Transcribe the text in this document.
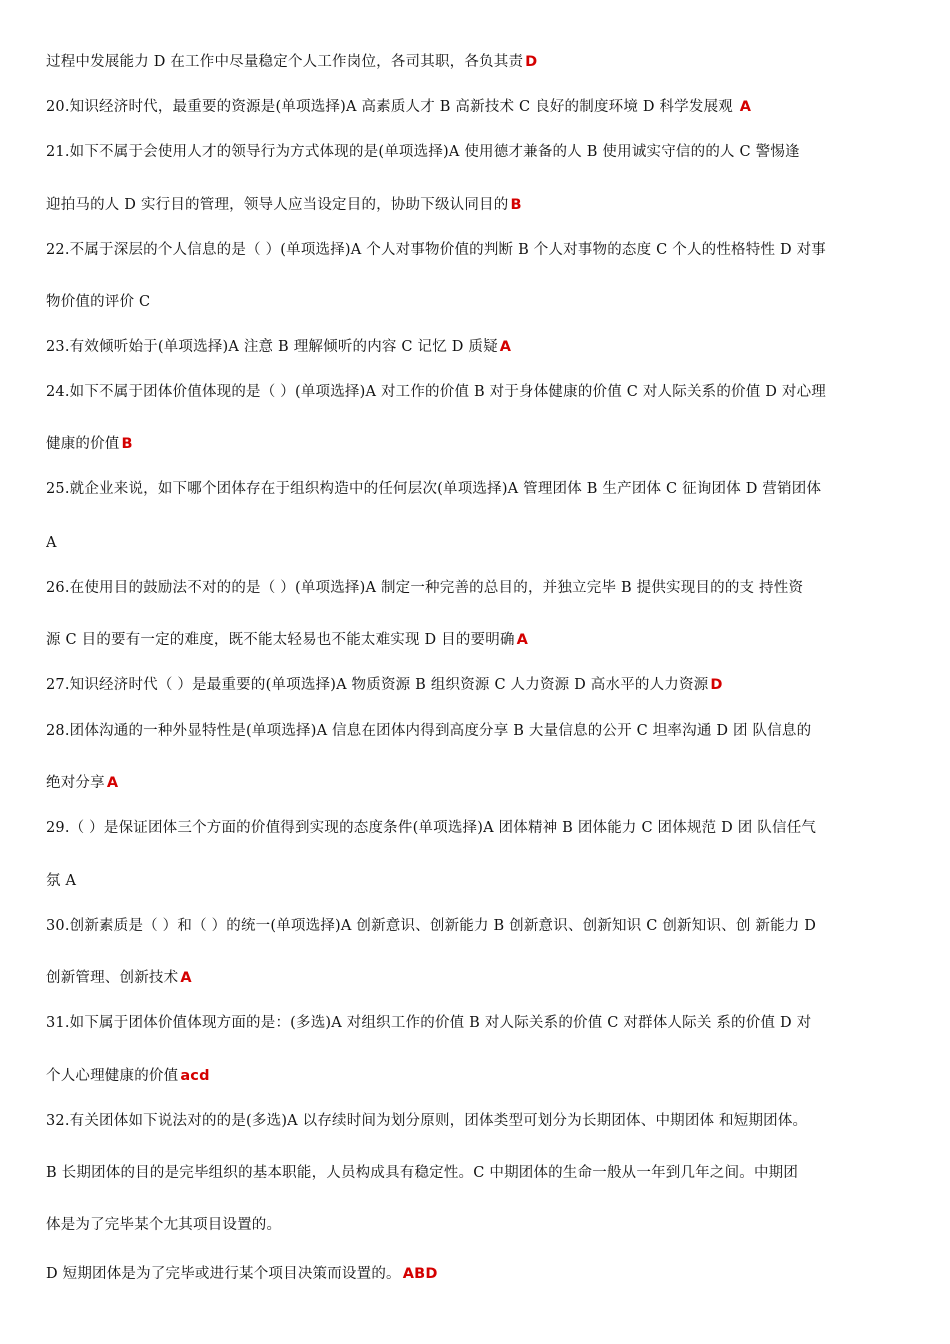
过程中发展能力 D 在工作中尽量稳定个人工作岗位，各司其职，各负其责 D
20.知识经济时代，最重要的资源是(单项选择)A 高素质人才 B 高新技术 C 良好的制度环境 D 科学发展观 A
21.如下不属于会使用人才的领导行为方式体现的是(单项选择)A 使用德才兼备的人 B 使用诚实守信的的人 C 警惕逢
迎拍马的人 D 实行目的管理，领导人应当设定目的，协助下级认同目的 B
22.不属于深层的个人信息的是（ ）(单项选择)A 个人对事物价值的判断 B 个人对事物的态度 C 个人的性格特性 D 对事
物价值的评价 C
23.有效倾听始于(单项选择)A 注意 B 理解倾听的内容 C 记忆 D 质疑 A
24.如下不属于团体价值体现的是（ ）(单项选择)A 对工作的价值 B 对于身体健康的价值 C 对人际关系的价值 D 对心理
健康的价值 B
25.就企业来说，如下哪个团体存在于组织构造中的任何层次(单项选择)A 管理团体 B 生产团体 C 征询团体 D 营销团体
A
26.在使用目的鼓励法不对的的是（ ）(单项选择)A 制定一种完善的总目的，并独立完毕 B 提供实现目的的支 持性资
源 C 目的要有一定的难度，既不能太轻易也不能太难实现 D 目的要明确 A
27.知识经济时代（ ）是最重要的(单项选择)A 物质资源 B 组织资源 C 人力资源 D 高水平的人力资源 D
28.团体沟通的一种外显特性是(单项选择)A 信息在团体内得到高度分享 B 大量信息的公开 C 坦率沟通 D 团 队信息的
绝对分享 A
29.（ ）是保证团体三个方面的价值得到实现的态度条件(单项选择)A 团体精神 B 团体能力 C 团体规范 D 团 队信任气
氛 A
30.创新素质是（ ）和（ ）的统一(单项选择)A 创新意识、创新能力 B 创新意识、创新知识 C 创新知识、创 新能力 D
创新管理、创新技术 A
31.如下属于团体价值体现方面的是：(多选)A 对组织工作的价值 B 对人际关系的价值 C 对群体人际关 系的价值 D 对
个人心理健康的价值 acd
32.有关团体如下说法对的的是(多选)A 以存续时间为划分原则，团体类型可划分为长期团体、中期团体 和短期团体。
B 长期团体的目的是完毕组织的基本职能，人员构成具有稳定性。C 中期团体的生命一般从一年到几年之间。中期团
体是为了完毕某个尢其项目设置的。
D 短期团体是为了完毕或进行某个项目决策而设置的。 ABD
